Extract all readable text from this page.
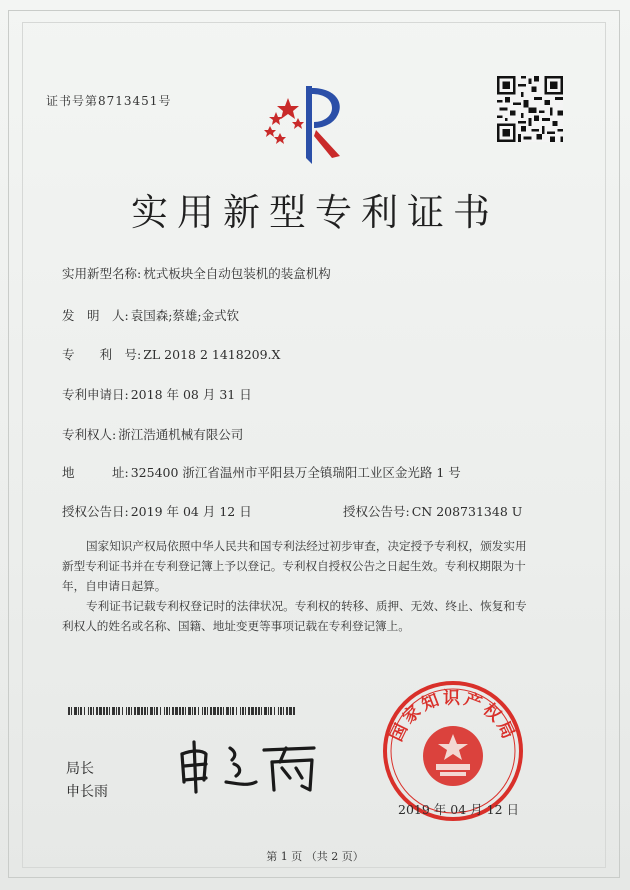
证书号第8713451号
实用新型专利证书
实用新型名称: 枕式板块全自动包装机的装盒机构
发　明　人: 袁国森;蔡雄;金式钦
专　　利　号: ZL 2018 2 1418209.X
专利申请日: 2018 年 08 月 31 日
专利权人: 浙江浩通机械有限公司
地　　　址: 325400 浙江省温州市平阳县万全镇瑞阳工业区金光路 1 号
授权公告日: 2019 年 04 月 12 日	授权公告号: CN 208731348 U
国家知识产权局依照中华人民共和国专利法经过初步审查，决定授予专利权，颁发实用
新型专利证书并在专利登记簿上予以登记。专利权自授权公告之日起生效。专利权期限为十
年，自申请日起算。
专利证书记载专利权登记时的法律状况。专利权的转移、质押、无效、终止、恢复和专
利权人的姓名或名称、国籍、地址变更等事项记载在专利登记簿上。
局长
申长雨
国家知识产权局
2019 年 04 月 12 日
第 1 页 （共 2 页）
